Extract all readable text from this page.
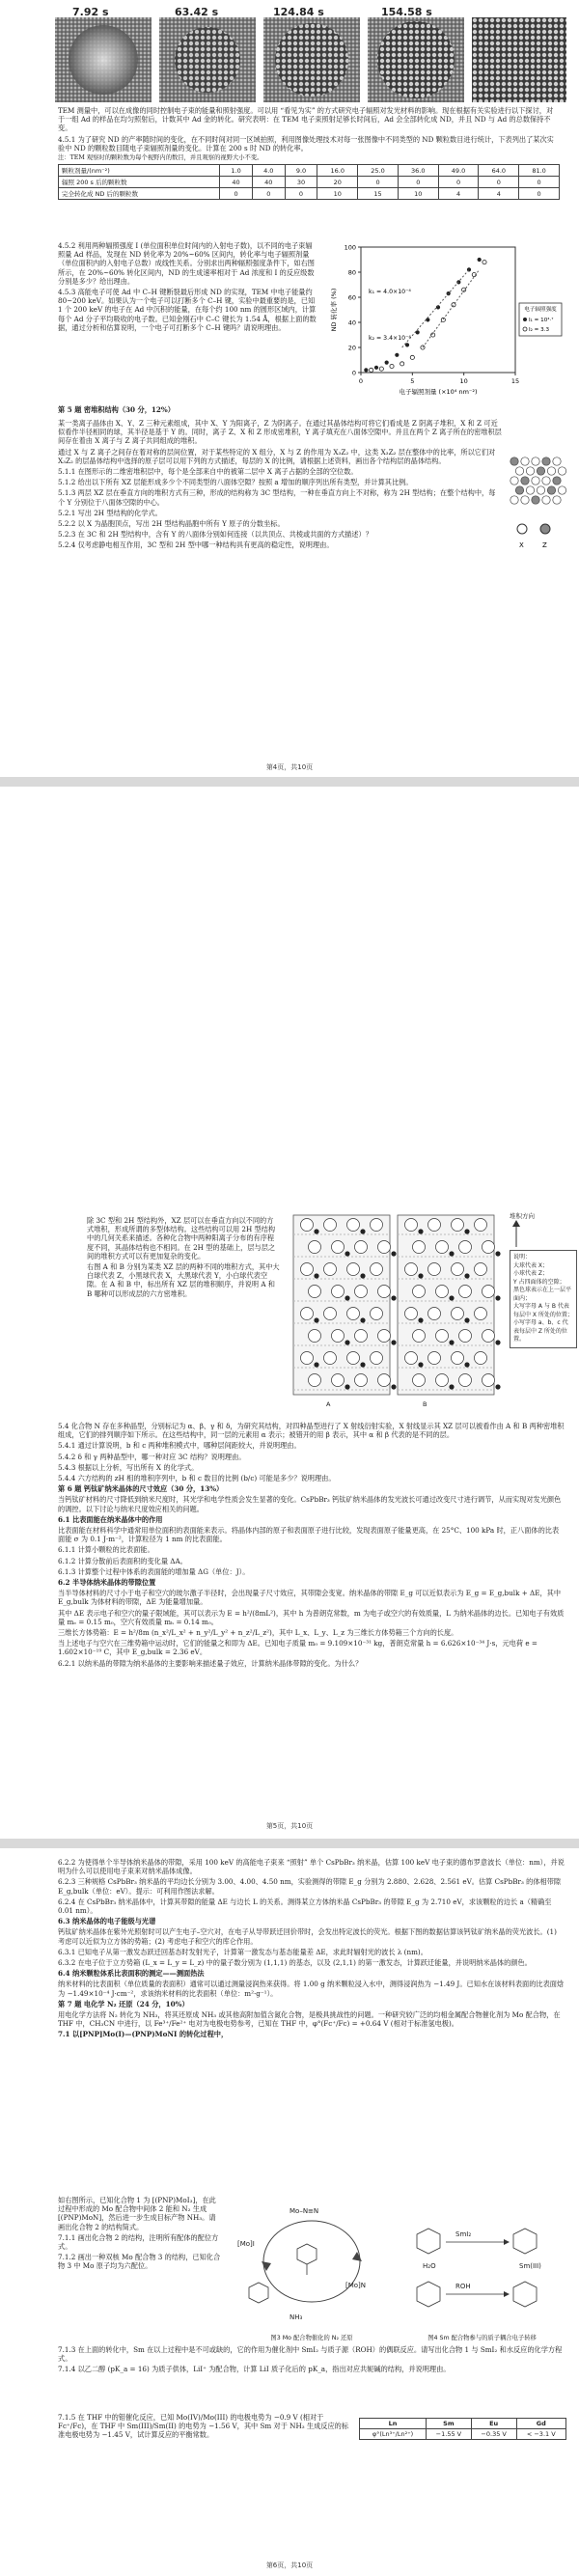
7.92 s	63.42 s	124.84 s	154.58 s

TEM 测量中，可以在成像的同时控制电子束的能量和照射强度。可以用 “看见为实” 的方式研究电子辐照对发光材料的影响。现在根据有关实验进行以下探讨，对于一组 Ad 的样品在均匀照射后，计数其中 Ad 金的转化。研究表明：在 TEM 电子束照射足够长时间后，Ad 会全部转化成 ND，并且 ND 与 Ad 的总数保持不变。

4.5.1 为了研究 ND 的产率随时间的变化，在不同时间对同一区域拍照，利用图像处理技术对每一张图像中不同类型的 ND 颗粒数目进行统计，下表列出了某次实验中 ND 的颗粒数目随电子束辐照剂量的变化。计算在 200 s 时 ND 的转化率。

注：TEM 观察时的颗粒数为每个视野内的数目，并且观察的视野大小不变。

颗粒剂量/(nm⁻²)	1.0	4.0	9.0	16.0	25.0	36.0	49.0	64.0	81.0
辐照 200 s 后的颗粒数	40	40	30	20	0	0	0	0	0
完全转化成 ND 后的颗粒数	0	0	0	10	15	10	4	4	0

4.5.2 利用两种辐照强度 I (单位面积单位时间内的入射电子数)，以不同的电子束辐照量 Ad 样品，发现在 ND 转化率为 20%~60% 区间内，转化率与电子辐照剂量（单位面积内的入射电子总数）成线性关系。分别求出两种辐照强度条件下，如右图所示，在 20%~60% 转化区间内，ND 的生成速率相对于 Ad 浓度和 I 的反应级数分别是多少？给出理由。

4.5.3 高能电子可使 Ad 中 C–H 键断裂最后形成 ND 的实现，TEM 中电子能量约 80~200 keV。如果认为一个电子可以打断多个 C–H 键，实验中最重要的是，已知 1 个 200 keV 的电子在 Ad 中沉积的能量，在每个约 100 nm 的圆形区域内，计算每个 Ad 分子平均吸收的电子数。已知金刚石中 C–C 键长为 1.54 Å，根据上面的数据，通过分析和估算说明，一个电子可打断多个 C–H 键吗？请说明理由。

0
20
40
60
80
100
0	5	10	15
ND 转化率 (%)
电子辐照剂量 (×10⁴ nm⁻²)
k₁ = 4.0×10⁻⁴
k₂ = 3.4×10⁻⁴
电子辐照强度
I₁ = 10⁴·⁷
I₂ = 3.3

第 5 题 密堆积结构（30 分，12%）

某一类离子晶体由 X、Y、Z 三种元素组成，其中 X、Y 为阳离子，Z 为阴离子。在通过其晶体结构可将它们看成是 Z 阴离子堆积，X 和 Z 可近似看作半径相同的球，其半径是基于 Y 的。同时，离子 Z、X 和 Z 形成密堆积，Y 离子填充在八面体空隙中。并且在两个 Z 离子所在的密堆积层间存在着由 X 离子与 Z 离子共同组成的堆积。

通过 X 与 Z 离子之间存在着对称的层间位置，对于某些特定的 X 组分，X 与 Z 的作用为 X₃Z₂ 中，这类 X₃Z₂ 层在整体中的比率，所以它们对 X₃Z₂ 的层晶体结构中选择的原子层可以用下列的方式描述，每层的 X 的比例，请根据上述资料，画出各个结构层的晶体结构。

5.1.1 在图形示的二维密堆积层中，每个是全部来自中的被第二层中 X 离子占据的全部的空位数。

5.1.2 给出以下所有 XZ 层能形成多少个不同类型的八面体空隙？按照 a 增加的顺序列出所有类型，并计算其比例。

5.1.3 两层 XZ 层在垂直方向的堆积方式有三种，形成的结构称为 3C 型结构，一种在垂直方向上不对称，称为 2H 型结构；在整个结构中，每个 Y 分别位于八面体空隙的中心。

5.2.1 写出 2H 型结构的化学式。

5.2.2 以 X 为晶胞顶点，写出 2H 型结构晶胞中所有 Y 原子的分数坐标。

5.2.3 在 3C 和 2H 型结构中，含有 Y 的八面体分别如何连接（以共顶点、共棱或共面的方式描述）？

5.2.4 仅考虑静电相互作用，3C 型和 2H 型中哪一种结构具有更高的稳定性，说明理由。	X	Z
第4页，共10页

除 3C 型和 2H 型结构外，XZ 层可以在垂直方向以不同的方式堆积，形成所谓的多型体结构。这些结构可以用 2H 型结构中的几何关系来描述。各种化合物中两种阳离子分布的有序程度不同，其晶体结构也不相同。在 2H 型的基础上，层与层之间的堆积方式可以有更加复杂的变化。

右图 A 和 B 分别为某类 XZ 层的两种不同的堆积方式，其中大白球代表 Z，小黑球代表 X，大黑球代表 Y，小白球代表空隙。在 A 和 B 中，标出所有 XZ 层的堆积顺序，并说明 A 和 B 哪种可以形成层的六方密堆积。

A	B
堆积方向
说明：
大球代表 X；
小球代表 Z；
Y 占四面体的空隙；
黑色球表示在上一层平面内；
大写字母 A 与 B 代表每层中 X 所处的位置；
小写字母 a、b、c 代表每层中 Z 所处的位置。

5.4 化合物 N 存在多种晶型，分别标记为 α、β、γ 和 δ，为研究其结构，对四种晶型进行了 X 射线衍射实验，X 射线显示其 XZ 层可以被看作由 A 和 B 两种密堆积组成，它们的排列顺序如下所示。在这些结构中，同一层的元素用 α 表示；被错开的用 β 表示，其中 α 和 β 代表的是不同的层。

5.4.1 通过计算说明，b 和 c 两种堆积模式中，哪种层间距较大，并说明理由。

5.4.2 δ 和 γ 两种晶型中，哪一种对应 3C 结构？说明理由。

5.4.3 根据以上分析，写出所有 X 的化学式。

5.4.4 六方结构的 zH 相的堆积序列中，b 和 c 数目的比例 (b/c) 可能是多少？说明理由。

第 6 题 钙钛矿纳米晶体的尺寸效应（30 分，13%）

当钙钛矿材料的尺寸降低到纳米尺度时，其光学和电学性质会发生显著的变化。CsPbBr₃ 钙钛矿纳米晶体的发光波长可通过改变尺寸进行调节，从而实现对发光颜色的调控。以下讨论与纳米尺度效应相关的问题。

6.1 比表面能在纳米晶体中的作用

比表面能在材料科学中通常用单位面积的表面能来表示。将晶体内部的原子和表面原子进行比较，发现表面原子能量更高，在 25°C、100 kPa 时，正八面体的比表面能 σ 为 0.1 J·m⁻²，计算粒径为 1 nm 的比表面能。

6.1.1 计算小颗粒的比表面能。

6.1.2 计算分散前后表面积的变化量 ΔA。

6.1.3 计算整个过程中体系的表面能的增加量 ΔG（单位：J）。

6.2 半导体纳米晶体的带隙位置

当半导体材料的尺寸小于电子和空穴的玻尔激子半径时，会出现量子尺寸效应，其带隙会变宽。纳米晶体的带隙 E_g 可以近似表示为 E_g = E_g,bulk + ΔE，其中 E_g,bulk 为体材料的带隙，ΔE 为能量增加量。

其中 ΔE 表示电子和空穴的量子限域能，其可以表示为 E = h²/(8mL²)，其中 h 为普朗克常数，m 为电子或空穴的有效质量，L 为纳米晶体的边长。已知电子有效质量 mₑ = 0.15 m₀，空穴有效质量 mₕ = 0.14 m₀。

三维长方体势箱：E = h²/8m (n_x²/L_x² + n_y²/L_y² + n_z²/L_z²)，其中 L_x、L_y、L_z 为三维长方体势箱三个方向的长度。

当上述电子与空穴在三维势箱中运动时，它们的能量之和即为 ΔE。已知电子质量 m₀ = 9.109×10⁻³¹ kg，普朗克常量 h = 6.626×10⁻³⁴ J·s，元电荷 e = 1.602×10⁻¹⁹ C，其中 E_g,bulk = 2.36 eV。

6.2.1 以纳米晶的带隙为纳米晶体的主要影响来描述量子效应，计算纳米晶体带隙的变化。为什么？

第5页，共10页

6.2.2 为使得单个半导体纳米晶体的带隙，采用 100 keV 的高能电子束来 “照射” 单个 CsPbBr₃ 纳米晶，估算 100 keV 电子束的德布罗意波长（单位：nm），并说明为什么可以使用电子束来对纳米晶体成像。

6.2.3 三种规格 CsPbBr₃ 纳米晶的平均边长分别为 3.00、4.00、4.50 nm，实验测得的带隙 E_g 分别为 2.880、2.628、2.561 eV。估算 CsPbBr₃ 的体相带隙 E_g,bulk（单位：eV）。提示：可利用作图法求解。

6.2.4 在 CsPbBr₃ 纳米晶体中，计算其带隙的能量 ΔE 与边长 L 的关系。测得某立方体纳米晶 CsPbBr₃ 的带隙 E_g 为 2.710 eV，求该颗粒的边长 a（精确至 0.01 nm）。

6.3 纳米晶体的电子能级与光谱

钙钛矿纳米晶体在紫外光照射时可以产生电子–空穴对，在电子从导带跃迁回价带时，会发出特定波长的荧光。根据下图的数据估算该钙钛矿纳米晶的荧光波长。(1) 考虑可以近似为立方体的势箱；(2) 考虑电子和空穴的库仑作用。

6.3.1 已知电子从第一激发态跃迁回基态时发射光子，计算第一激发态与基态能量差 ΔE，求此时辐射光的波长 λ (nm)。

6.3.2 在电子位于立方势箱 (L_x = L_y = L_z) 中的量子数分别为 (1,1,1) 的基态，以及 (2,1,1) 的第一激发态，计算跃迁能量，并说明纳米晶体的颜色。

6.4 纳米颗粒体系比表面积的测定——测面热法

纳米材料的比表面积（单位质量的表面积）通常可以通过测量浸润热来获得。将 1.00 g 纳米颗粒浸入水中，测得浸润热为 −1.49 J。已知水在该材料表面的比表面焓为 −1.49×10⁻⁴ J·cm⁻²，求该纳米材料的比表面积（单位：m²·g⁻¹）。

第 7 题 电化学 N₂ 还原（24 分，10%）

用电化学方法将 N₂ 转化为 NH₃，将其还原成 NH₃ 或其他高附加值含氮化合物，是极具挑战性的问题。一种研究较广泛的均相金属配合物催化剂为 Mo 配合物，在 THF 中，CH₃CN 中进行，以 Fe³⁺/Fe²⁺ 电对为电极电势参考，已知在 THF 中，φ°(Fc⁺/Fc) = +0.64 V (相对于标准氢电极)。

7.1 以[PNP]Mo(I)—(PNP)MoNI 的转化过程中，

如右图所示，已知化合物 1 为 [(PNP)MoI₃]，在此过程中形成的 Mo 配合物中间体 2 能和 N₂ 生成 [(PNP)MoN]，然后进一步生成目标产物 NH₃。请画出化合物 2 的结构简式。

7.1.1 画出化合物 2 的结构，注明所有配体的配位方式。

7.1.2 画出一种双核 Mo 配合物 3 的结构，已知化合物 3 中 Mo 原子均为六配位。

Mo–N≡N
[Mo]N
[Mo]I
NH₃
图3 Mo 配合物催化的 N₂ 还原
SmI₂
H₂O	Sm(III)
ROH
图4 Sm 配合物参与的质子耦合电子转移

7.1.3 在上面的转化中，Sm 在以上过程中是不可或缺的，它的作用为催化剂中 SmI₂ 与质子源（ROH）的偶联反应。请写出化合物 1 与 SmI₂ 和水反应的化学方程式。

7.1.4 以乙二醇 (pK_a = 16) 为质子供体，LiI⁺ 为配合物，计算 LiI 质子化后的 pK_a，指出对应共轭碱的结构，并说明理由。

7.1.5 在 THF 中的钼催化反应，已知 Mo(IV)/Mo(III) 的电极电势为 −0.9 V (相对于 Fc⁺/Fc)，在 THF 中 Sm(III)/Sm(II) 的电势为 −1.56 V，其中 Sm 对于 NH₃ 生成反应的标准电极电势为 −1.45 V，试计算反应的平衡常数。

Ln	Sm	Eu	Gd
φ°(Ln³⁺/Ln²⁺)	−1.55 V	−0.35 V	< −3.1 V
第6页，共10页
